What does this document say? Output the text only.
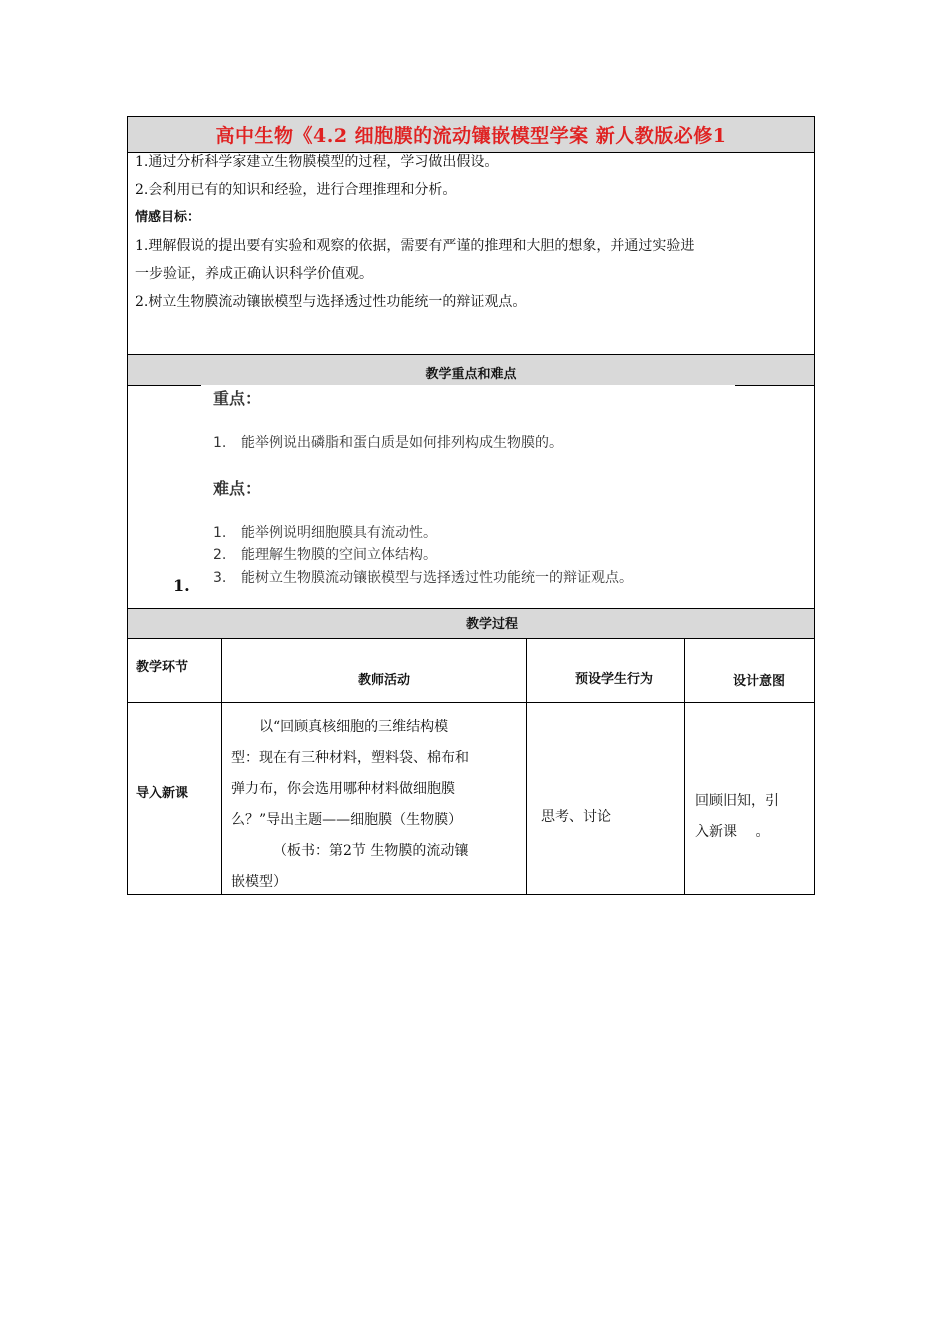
高中生物《4.2 细胞膜的流动镶嵌模型学案 新人教版必修1
1.通过分析科学家建立生物膜模型的过程，学习做出假设。
2.会利用已有的知识和经验，进行合理推理和分析。
情感目标：
1.理解假说的提出要有实验和观察的依据，需要有严谨的推理和大胆的想象，并通过实验进
一步验证，养成正确认识科学价值观。
2.树立生物膜流动镶嵌模型与选择透过性功能统一的辩证观点。
教学重点和难点
重点：
1. 能举例说出磷脂和蛋白质是如何排列构成生物膜的。
难点：
1. 能举例说明细胞膜具有流动性。
2. 能理解生物膜的空间立体结构。
3. 能树立生物膜流动镶嵌模型与选择透过性功能统一的辩证观点。
1.
教学过程
教学环节
教师活动	预设学生行为	设计意图
导入新课

以“回顾真核细胞的三维结构模

型：现在有三种材料，塑料袋、棉布和

弹力布，你会选用哪种材料做细胞膜

么？”导出主题——细胞膜（生物膜）

（板书：第2节 生物膜的流动镶

嵌模型）

思考、讨论
回顾旧知，引
入新课　 。
